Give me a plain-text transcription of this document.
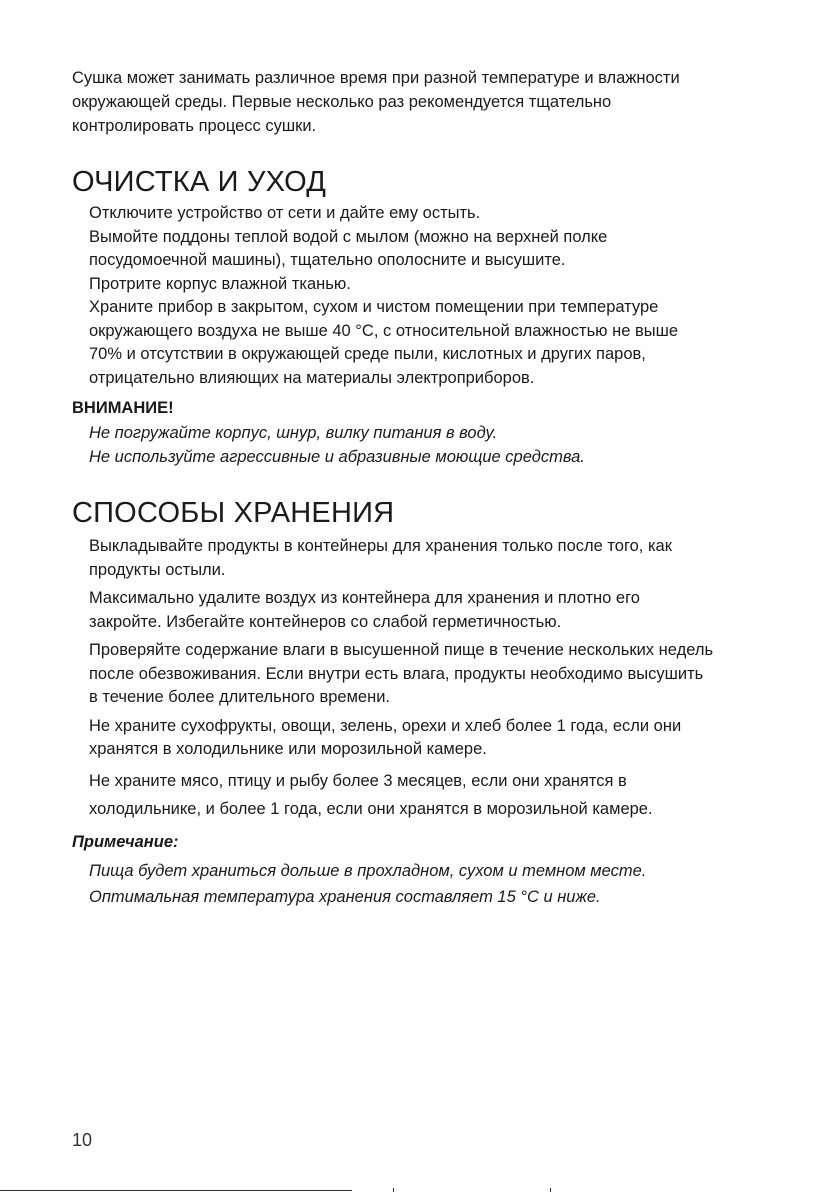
Сушка может занимать различное время при разной температуре и влажности

окружающей среды. Первые несколько раз рекомендуется тщательно

контролировать процесс сушки.

ОЧИСТКА И УХОД

Отключите устройство от сети и дайте ему остыть.

Вымойте поддоны теплой водой с мылом (можно на верхней полке

посудомоечной машины), тщательно ополосните и высушите.

Протрите корпус влажной тканью.

Храните прибор в закрытом, сухом и чистом помещении при температуре

окружающего воздуха не выше 40 °С, с относительной влажностью не выше

70% и отсутствии в окружающей среде пыли, кислотных и других паров,

отрицательно влияющих на материалы электроприборов.

ВНИМАНИЕ!

Не погружайте корпус, шнур, вилку питания в воду.

Не используйте агрессивные и абразивные моющие средства.

СПОСОБЫ ХРАНЕНИЯ

Выкладывайте продукты в контейнеры для хранения только после того, как
продукты остыли.

Максимально удалите воздух из контейнера для хранения и плотно его
закройте. Избегайте контейнеров со слабой герметичностью.

Проверяйте содержание влаги в высушенной пище в течение нескольких недель
после обезвоживания. Если внутри есть влага, продукты необходимо высушить
в течение более длительного времени.

Не храните сухофрукты, овощи, зелень, орехи и хлеб более 1 года, если они
хранятся в холодильнике или морозильной камере.

Не храните мясо, птицу и рыбу более 3 месяцев, если они хранятся в
холодильнике, и более 1 года, если они хранятся в морозильной камере.

Примечание:

Пища будет храниться дольше в прохладном, сухом и темном месте.

Оптимальная температура хранения составляет 15 °С и ниже.

10
